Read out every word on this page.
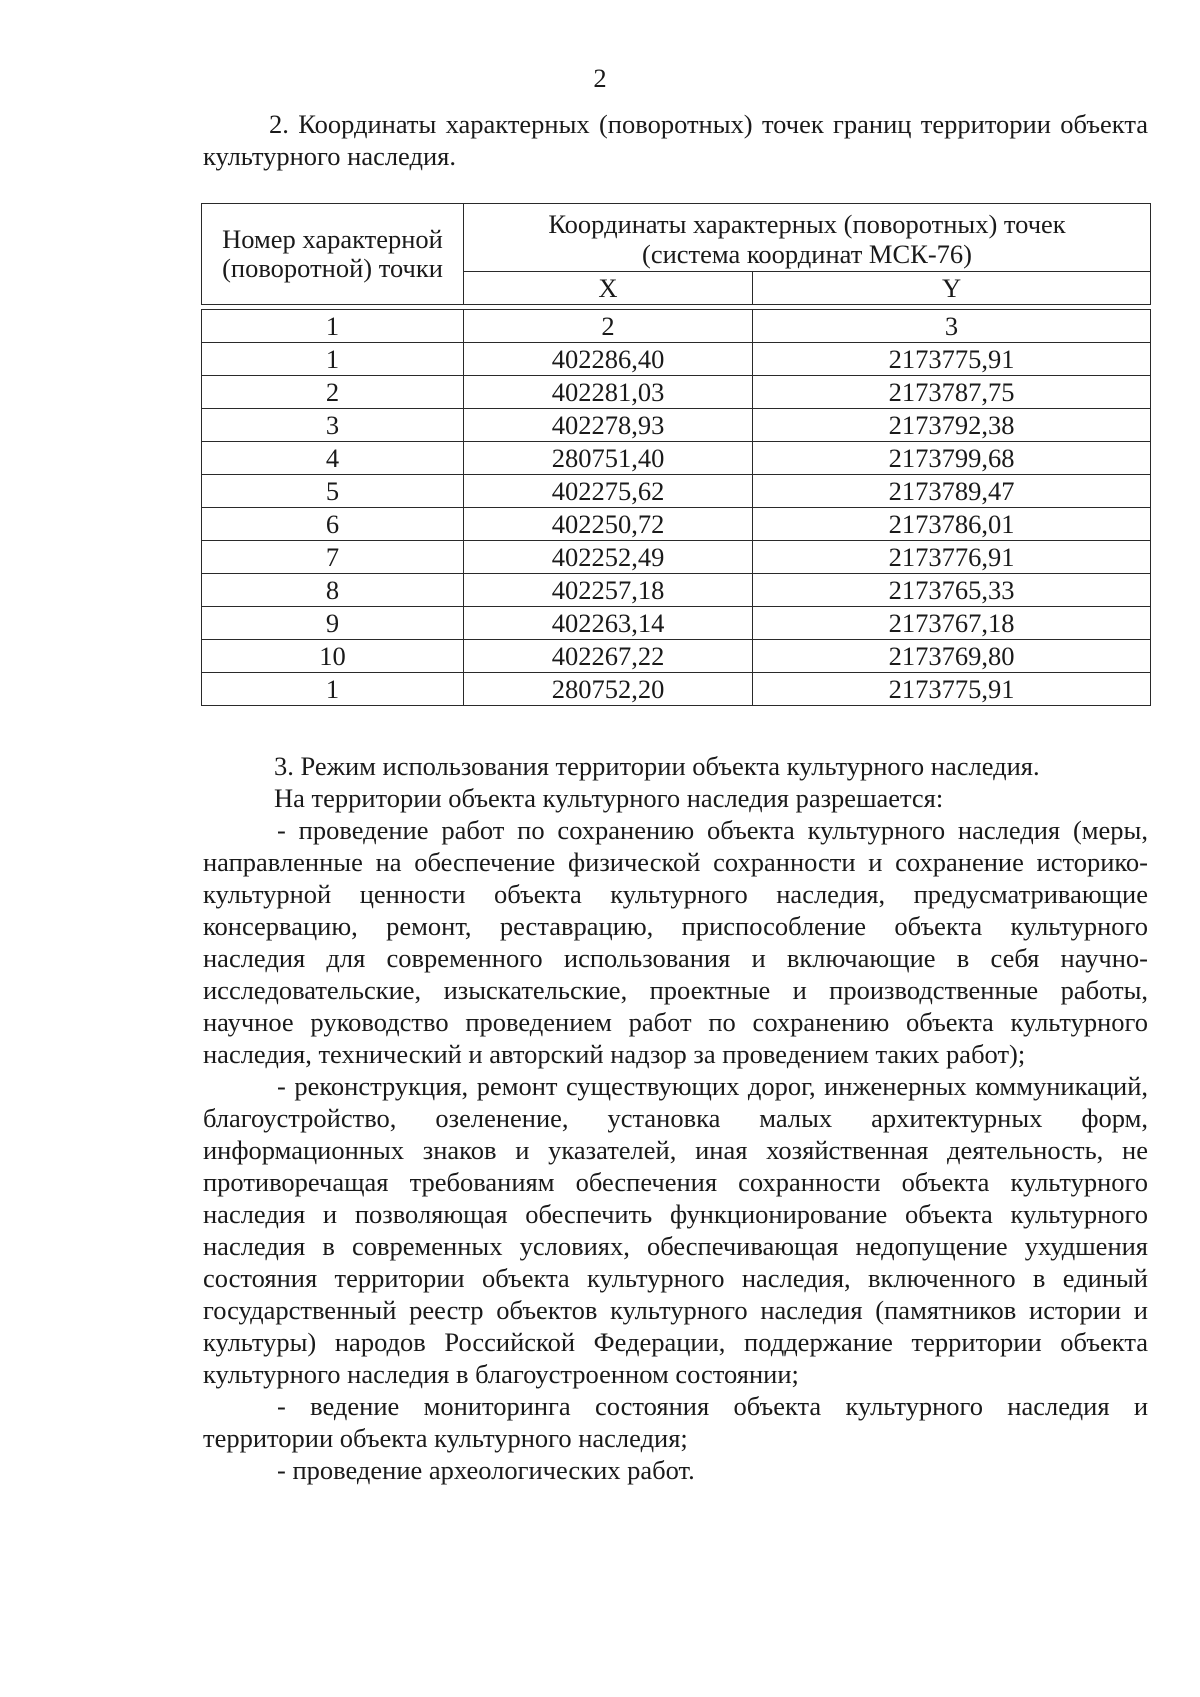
2
2. Координаты характерных (поворотных) точек границ территории объекта культурного наследия.
Номер характерной (поворотной) точки	Координаты характерных (поворотных) точек
(система координат МСК-76)	

	X	Y

1	2	3
1	402286,40	2173775,91
2	402281,03	2173787,75
3	402278,93	2173792,38
4	280751,40	2173799,68
5	402275,62	2173789,47
6	402250,72	2173786,01
7	402252,49	2173776,91
8	402257,18	2173765,33
9	402263,14	2173767,18
10	402267,22	2173769,80
1	280752,20	2173775,91

3. Режим использования территории объекта культурного наследия.

На территории объекта культурного наследия разрешается:

- проведение работ по сохранению объекта культурного наследия (меры, направленные на обеспечение физической сохранности и сохранение историко-культурной ценности объекта культурного наследия, предусматривающие консервацию, ремонт, реставрацию, приспособление объекта культурного наследия для современного использования и включающие в себя научно-исследовательские, изыскательские, проектные и производственные работы, научное руководство проведением работ по сохранению объекта культурного наследия, технический и авторский надзор за проведением таких работ);

- реконструкция, ремонт существующих дорог, инженерных коммуникаций, благоустройство, озеленение, установка малых архитектурных форм, информационных знаков и указателей, иная хозяйственная деятельность, не противоречащая требованиям обеспечения сохранности объекта культурного наследия и позволяющая обеспечить функционирование объекта культурного наследия в современных условиях, обеспечивающая недопущение ухудшения состояния территории объекта культурного наследия, включенного в единый государственный реестр объектов культурного наследия (памятников истории и культуры) народов Российской Федерации, поддержание территории объекта культурного наследия в благоустроенном состоянии;

- ведение мониторинга состояния объекта культурного наследия и территории объекта культурного наследия;

- проведение археологических работ.
